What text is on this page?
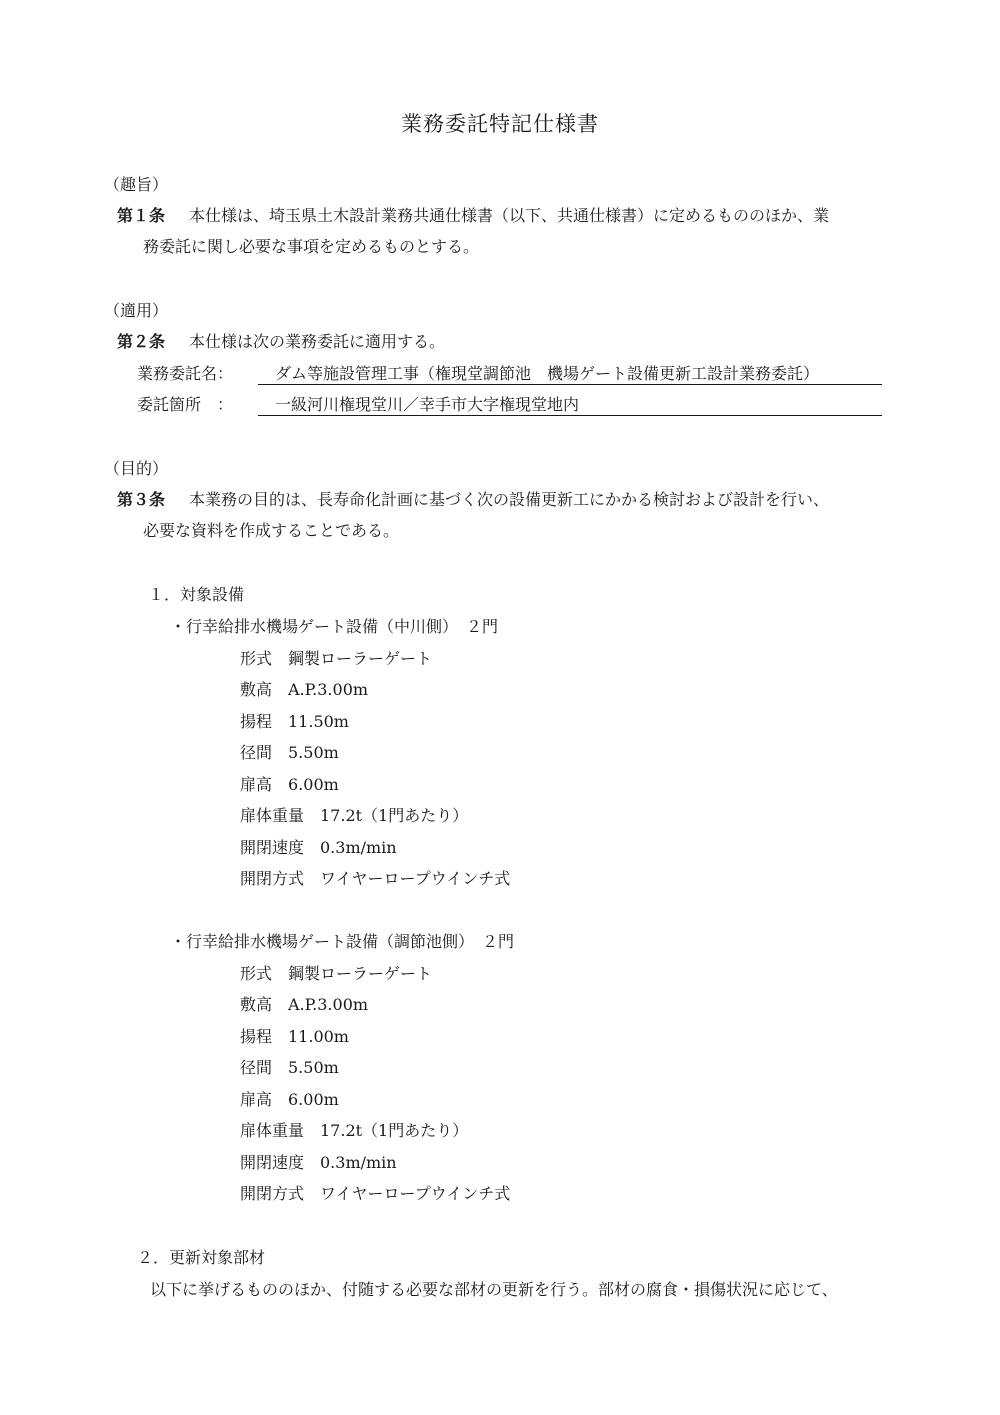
業務委託特記仕様書
（趣旨）
第１条 本仕様は、埼玉県土木設計業務共通仕様書（以下、共通仕様書）に定めるもののほか、業
務委託に関し必要な事項を定めるものとする。
（適用）
第２条 本仕様は次の業務委託に適用する。
業務委託名：	ダム等施設管理工事（権現堂調節池　機場ゲート設備更新工設計業務委託）
委託箇所　：	一級河川権現堂川／幸手市大字権現堂地内
（目的）
第３条 本業務の目的は、長寿命化計画に基づく次の設備更新工にかかる検討および設計を行い、
必要な資料を作成することである。
１．対象設備
・行幸給排水機場ゲート設備（中川側）　２門
形式　鋼製ローラーゲート
敷高　A.P.3.00m
揚程　11.50m
径間　5.50m
扉高　6.00m
扉体重量　17.2t（1門あたり）
開閉速度　0.3m/min
開閉方式　ワイヤーロープウインチ式
・行幸給排水機場ゲート設備（調節池側）　２門
形式　鋼製ローラーゲート
敷高　A.P.3.00m
揚程　11.00m
径間　5.50m
扉高　6.00m
扉体重量　17.2t（1門あたり）
開閉速度　0.3m/min
開閉方式　ワイヤーロープウインチ式
２．更新対象部材
以下に挙げるもののほか、付随する必要な部材の更新を行う。部材の腐食・損傷状況に応じて、
